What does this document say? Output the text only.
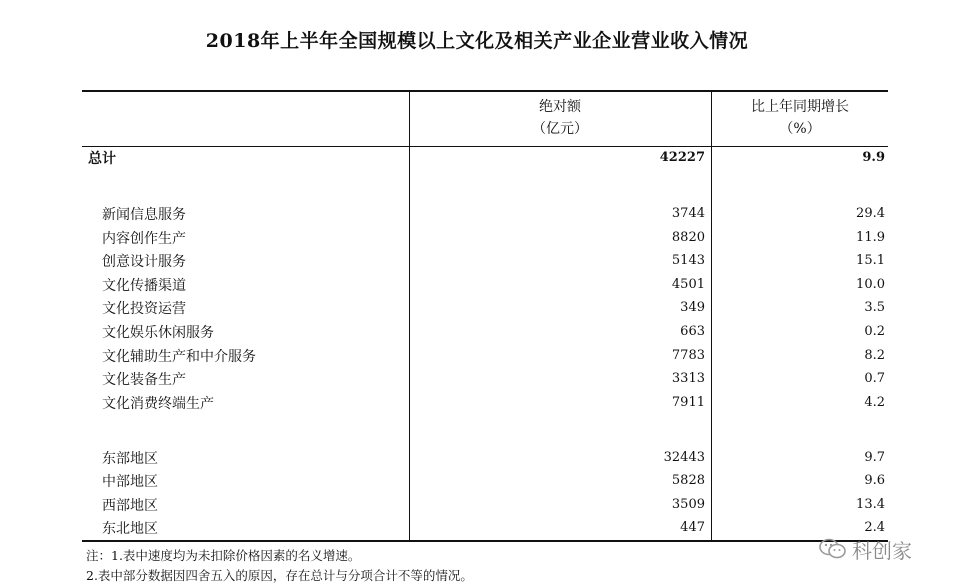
2018年上半年全国规模以上文化及相关产业企业营业收入情况
绝对额
（亿元）
比上年同期增长
（%）
总计	42227	9.9
新闻信息服务	3744	29.4
内容创作生产	8820	11.9
创意设计服务	5143	15.1
文化传播渠道	4501	10.0
文化投资运营	349	3.5
文化娱乐休闲服务	663	0.2
文化辅助生产和中介服务	7783	8.2
文化装备生产	3313	0.7
文化消费终端生产	7911	4.2
东部地区	32443	9.7
中部地区	5828	9.6
西部地区	3509	13.4
东北地区	447	2.4
注：1.表中速度均为未扣除价格因素的名义增速。
2.表中部分数据因四舍五入的原因，存在总计与分项合计不等的情况。
科创家
